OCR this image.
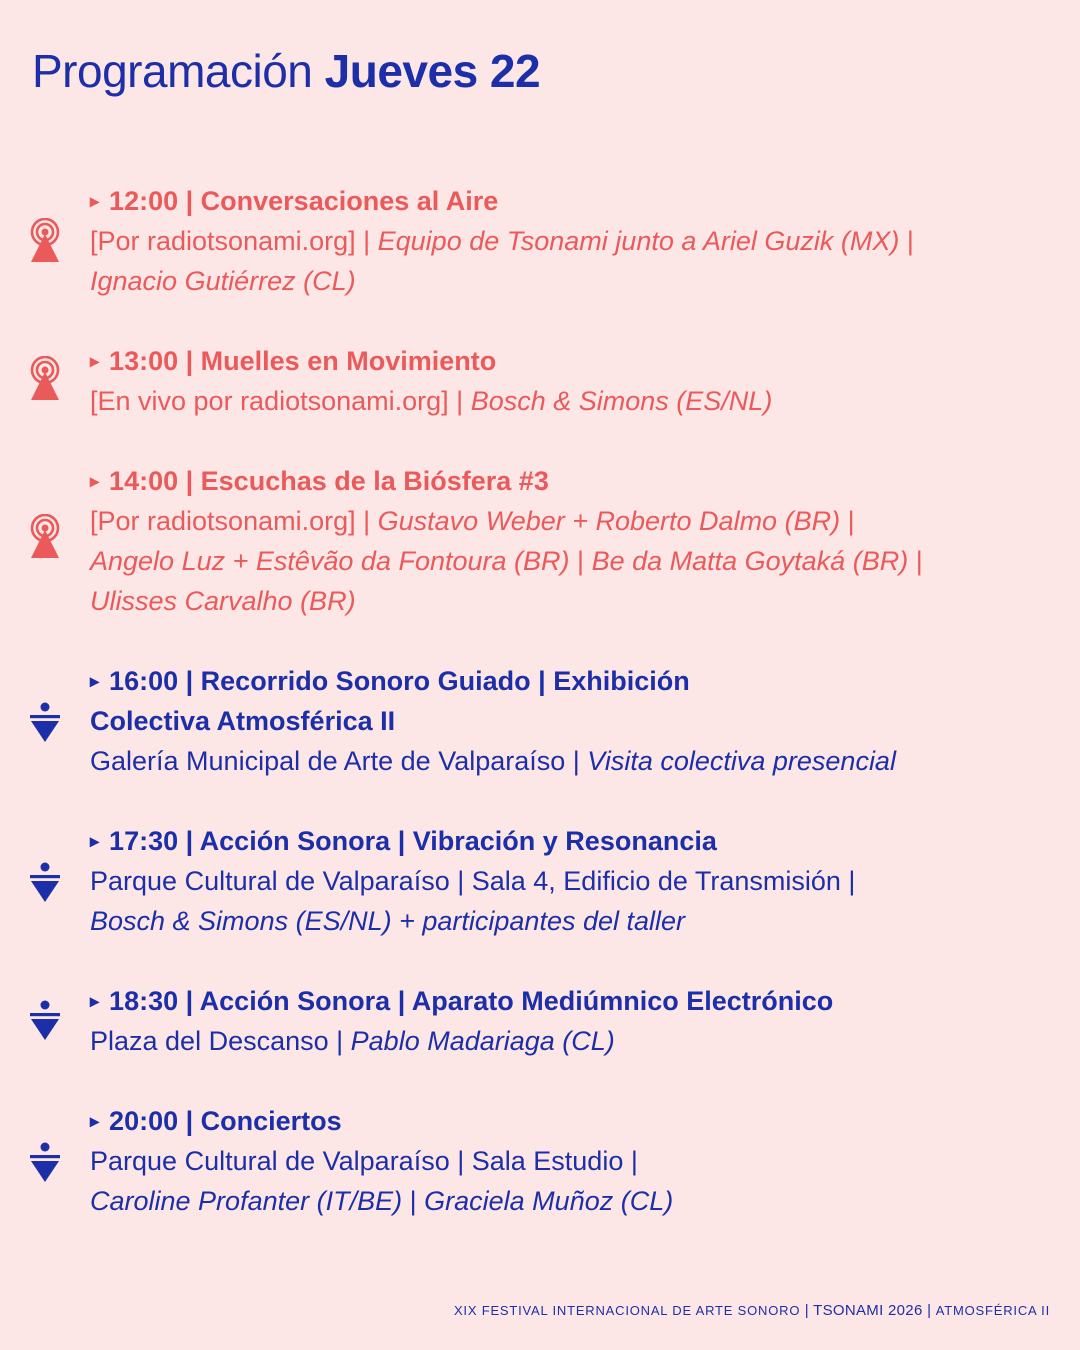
Programación Jueves 22
▸ 12:00 | Conversaciones al Aire
[Por radiotsonami.org] | Equipo de Tsonami junto a Ariel Guzik (MX) |
Ignacio Gutiérrez (CL)
▸ 13:00 | Muelles en Movimiento
[En vivo por radiotsonami.org] | Bosch & Simons (ES/NL)
▸ 14:00 | Escuchas de la Biósfera #3
[Por radiotsonami.org] | Gustavo Weber + Roberto Dalmo (BR) |
Angelo Luz + Estêvão da Fontoura (BR) | Be da Matta Goytaká (BR) |
Ulisses Carvalho (BR)
▸ 16:00 | Recorrido Sonoro Guiado | Exhibición
Colectiva Atmosférica II
Galería Municipal de Arte de Valparaíso | Visita colectiva presencial
▸ 17:30 | Acción Sonora | Vibración y Resonancia
Parque Cultural de Valparaíso | Sala 4, Edificio de Transmisión |
Bosch & Simons (ES/NL) + participantes del taller
▸ 18:30 | Acción Sonora | Aparato Mediúmnico Electrónico
Plaza del Descanso | Pablo Madariaga (CL)
▸ 20:00 | Conciertos
Parque Cultural de Valparaíso | Sala Estudio |
Caroline Profanter (IT/BE) | Graciela Muñoz (CL)
XIX FESTIVAL INTERNACIONAL DE ARTE SONORO | TSONAMI 2026 | ATMOSFÉRICA II
